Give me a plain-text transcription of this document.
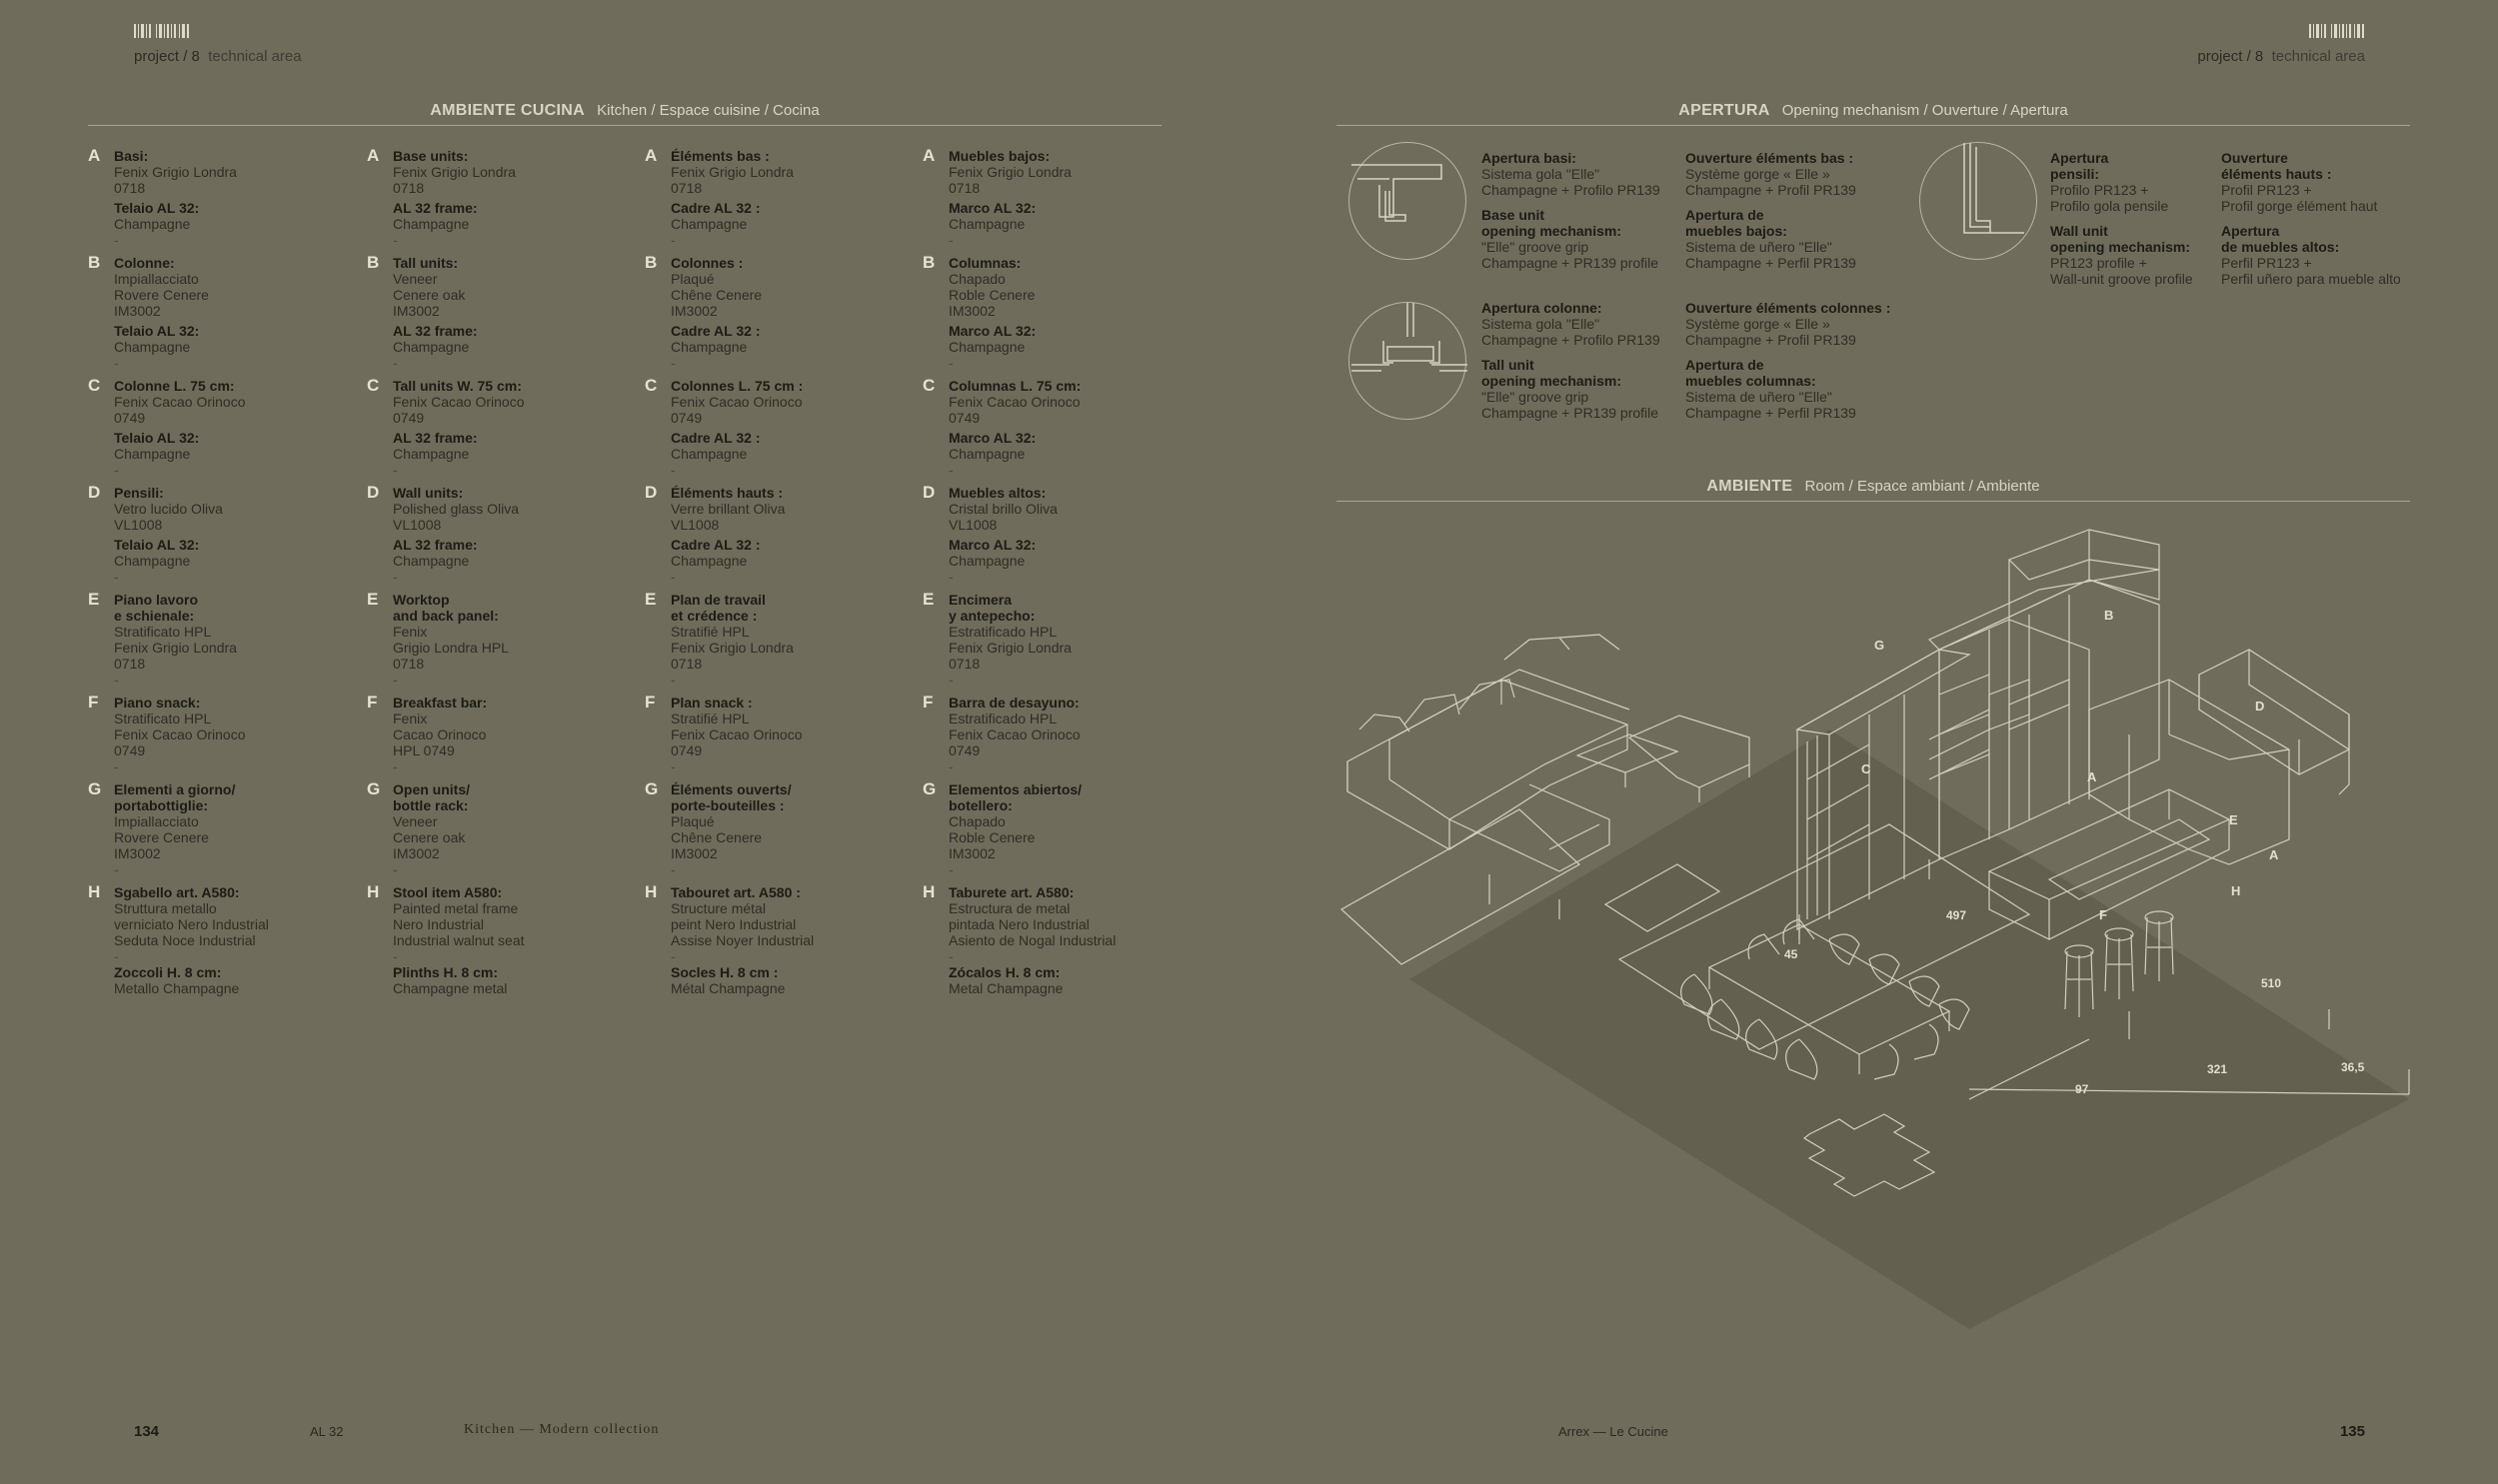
project / 8 technical area	project / 8 technical area
AMBIENTE CUCINA Kitchen / Espace cuisine / Cocina	APERTURA Opening mechanism / Ouverture / Apertura
AMBIENTE Room / Espace ambiant / Ambiente
A Basi:
Fenix Grigio Londra
0718
Telaio AL 32:
Champagne
-
B Colonne:
Impiallacciato
Rovere Cenere
IM3002
Telaio AL 32:
Champagne
-
C Colonne L. 75 cm:
Fenix Cacao Orinoco
0749
Telaio AL 32:
Champagne
-
D Pensili:
Vetro lucido Oliva
VL1008
Telaio AL 32:
Champagne
-
E Piano lavoro
e schienale:
Stratificato HPL
Fenix Grigio Londra
0718
-
F Piano snack:
Stratificato HPL
Fenix Cacao Orinoco
0749
-
G Elementi a giorno/
portabottiglie:
Impiallacciato
Rovere Cenere
IM3002
-
H Sgabello art. A580:
Struttura metallo
verniciato Nero Industrial
Seduta Noce Industrial
-
Zoccoli H. 8 cm:
Metallo Champagne
A Base units:
Fenix Grigio Londra
0718
AL 32 frame:
Champagne
-
B Tall units:
Veneer
Cenere oak
IM3002
AL 32 frame:
Champagne
-
C Tall units W. 75 cm:
Fenix Cacao Orinoco
0749
AL 32 frame:
Champagne
-
D Wall units:
Polished glass Oliva
VL1008
AL 32 frame:
Champagne
-
E Worktop
and back panel:
Fenix
Grigio Londra HPL
0718
-
F Breakfast bar:
Fenix
Cacao Orinoco
HPL 0749
-
G Open units/
bottle rack:
Veneer
Cenere oak
IM3002
-
H Stool item A580:
Painted metal frame
Nero Industrial
Industrial walnut seat
-
Plinths H. 8 cm:
Champagne metal
A Éléments bas :
Fenix Grigio Londra
0718
Cadre AL 32 :
Champagne
-
B Colonnes :
Plaqué
Chêne Cenere
IM3002
Cadre AL 32 :
Champagne
-
C Colonnes L. 75 cm :
Fenix Cacao Orinoco
0749
Cadre AL 32 :
Champagne
-
D Éléments hauts :
Verre brillant Oliva
VL1008
Cadre AL 32 :
Champagne
-
E Plan de travail
et crédence :
Stratifié HPL
Fenix Grigio Londra
0718
-
F Plan snack :
Stratifié HPL
Fenix Cacao Orinoco
0749
-
G Éléments ouverts/
porte-bouteilles :
Plaqué
Chêne Cenere
IM3002
-
H Tabouret art. A580 :
Structure métal
peint Nero Industrial
Assise Noyer Industrial
-
Socles H. 8 cm :
Métal Champagne
A Muebles bajos:
Fenix Grigio Londra
0718
Marco AL 32:
Champagne
-
B Columnas:
Chapado
Roble Cenere
IM3002
Marco AL 32:
Champagne
-
C Columnas L. 75 cm:
Fenix Cacao Orinoco
0749
Marco AL 32:
Champagne
-
D Muebles altos:
Cristal brillo Oliva
VL1008
Marco AL 32:
Champagne
-
E Encimera
y antepecho:
Estratificado HPL
Fenix Grigio Londra
0718
-
F Barra de desayuno:
Estratificado HPL
Fenix Cacao Orinoco
0749
-
G Elementos abiertos/
botellero:
Chapado
Roble Cenere
IM3002
-
H Taburete art. A580:
Estructura de metal
pintada Nero Industrial
Asiento de Nogal Industrial
-
Zócalos H. 8 cm:
Metal Champagne
Apertura basi:
Sistema gola "Elle"
Champagne + Profilo PR139
Base unit
opening mechanism:
"Elle" groove grip
Champagne + PR139 profile
Ouverture éléments bas :
Système gorge « Elle »
Champagne + Profil PR139
Apertura de
muebles bajos:
Sistema de uñero "Elle"
Champagne + Perfil PR139
Apertura
pensili:
Profilo PR123 +
Profilo gola pensile
Wall unit
opening mechanism:
PR123 profile +
Wall-unit groove profile
Ouverture
éléments hauts :
Profil PR123 +
Profil gorge élément haut
Apertura
de muebles altos:
Perfil PR123 +
Perfil uñero para mueble alto
Apertura colonne:
Sistema gola "Elle"
Champagne + Profilo PR139
Tall unit
opening mechanism:
"Elle" groove grip
Champagne + PR139 profile
Ouverture éléments colonnes :
Système gorge « Elle »
Champagne + Profil PR139
Apertura de
muebles columnas:
Sistema de uñero "Elle"
Champagne + Perfil PR139
A
B
C
D
E
F
G
H
A
497
45
510
321
97
36,5
134	AL 32	Kitchen — Modern collection	Arrex — Le Cucine	135
